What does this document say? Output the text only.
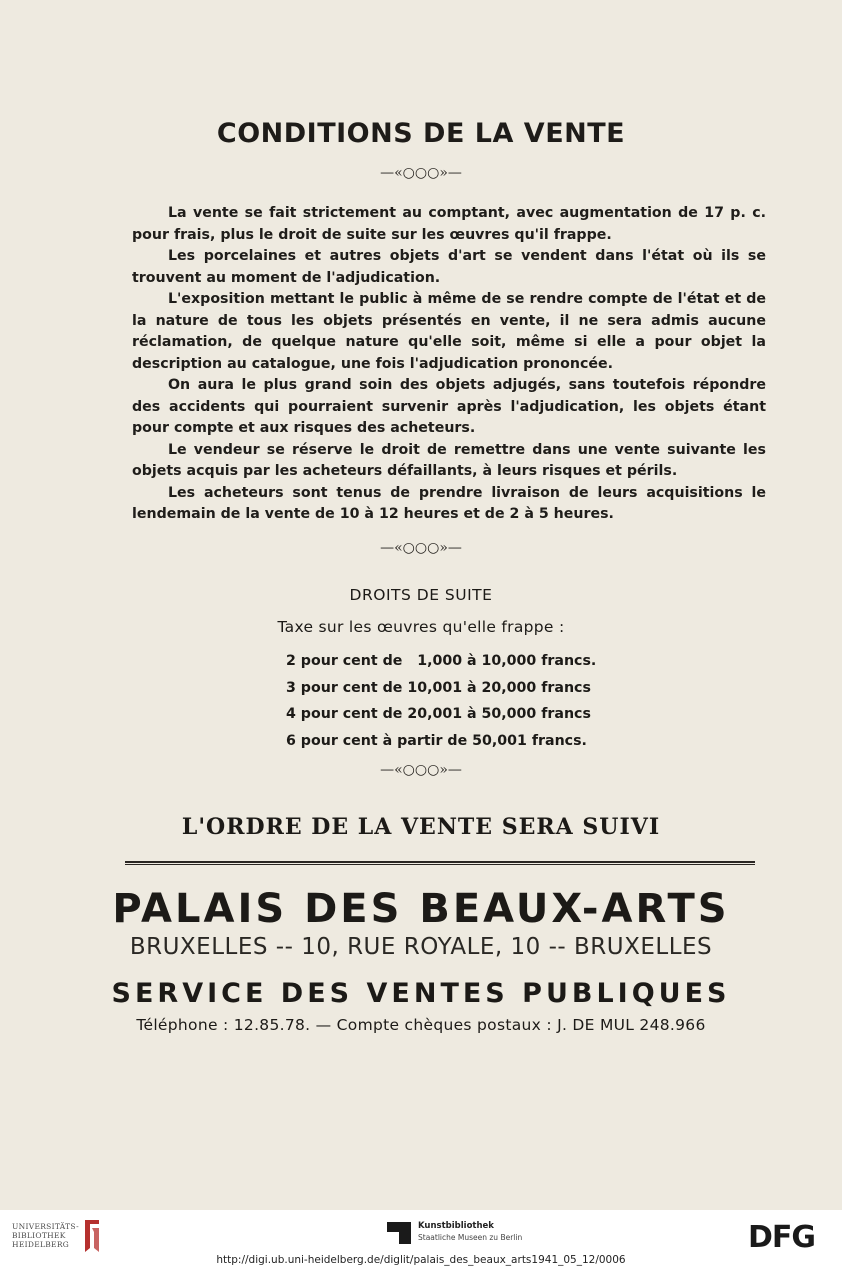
CONDITIONS DE LA VENTE
—«○○○»—

La vente se fait strictement au comptant, avec augmentation de 17 p. c. pour frais, plus le droit de suite sur les œuvres qu'il frappe.

Les porcelaines et autres objets d'art se vendent dans l'état où ils se trouvent au moment de l'adjudication.

L'exposition mettant le public à même de se rendre compte de l'état et de la nature de tous les objets présentés en vente, il ne sera admis aucune réclamation, de quelque nature qu'elle soit, même si elle a pour objet la description au catalogue, une fois l'adjudication prononcée.

On aura le plus grand soin des objets adjugés, sans toutefois répondre des accidents qui pourraient survenir après l'adjudication, les objets étant pour compte et aux risques des acheteurs.

Le vendeur se réserve le droit de remettre dans une vente suivante les objets acquis par les acheteurs défaillants, à leurs risques et périls.

Les acheteurs sont tenus de prendre livraison de leurs acquisitions le lendemain de la vente de 10 à 12 heures et de 2 à 5 heures.

—«○○○»—
DROITS DE SUITE
Taxe sur les œuvres qu'elle frappe :
2 pour cent de   1,000 à 10,000 francs.
3 pour cent de 10,001 à 20,000 francs
4 pour cent de 20,001 à 50,000 francs
6 pour cent à partir de 50,001 francs.
—«○○○»—
L'ORDRE DE LA VENTE SERA SUIVI
PALAIS DES BEAUX-ARTS
BRUXELLES -- 10, RUE ROYALE, 10 -- BRUXELLES
SERVICE DES VENTES PUBLIQUES
Téléphone : 12.85.78. — Compte chèques postaux : J. DE MUL 248.966
UNIVERSITÄTS-
BIBLIOTHEK
HEIDELBERG
Kunstbibliothek
Staatliche Museen zu Berlin	DFG
http://digi.ub.uni-heidelberg.de/diglit/palais_des_beaux_arts1941_05_12/0006
